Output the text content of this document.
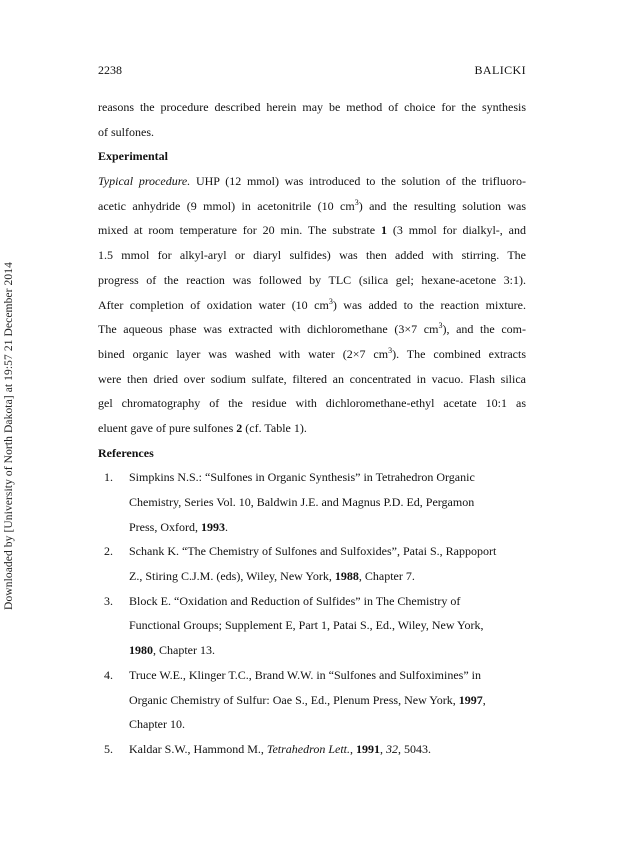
Downloaded by [University of North Dakota] at 19:57 21 December 2014
2238	BALICKI
reasons the procedure described herein may be method of choice for the synthesis
of sulfones.
Experimental
Typical procedure. UHP (12 mmol) was introduced to the solution of the trifluoro-
acetic anhydride (9 mmol) in acetonitrile (10 $cm^3$) and the resulting solution was
mixed at room temperature for 20 min. The substrate 1 (3 mmol for dialkyl-, and
1.5 mmol for alkyl-aryl or diaryl sulfides) was then added with stirring. The
progress of the reaction was followed by TLC (silica gel; hexane-acetone 3:1).
After completion of oxidation water (10 $cm^3$) was added to the reaction mixture.
The aqueous phase was extracted with dichloromethane (3×7 $cm^3$), and the com-
bined organic layer was washed with water (2×7 $cm^3$). The combined extracts
were then dried over sodium sulfate, filtered an concentrated in vacuo. Flash silica
gel chromatography of the residue with dichloromethane-ethyl acetate 10:1 as
eluent gave of pure sulfones 2 (cf. Table 1).
References
1.	Simpkins N.S.: “Sulfones in Organic Synthesis” in Tetrahedron Organic
Chemistry, Series Vol. 10, Baldwin J.E. and Magnus P.D. Ed, Pergamon
Press, Oxford, 1993.
2.	Schank K. “The Chemistry of Sulfones and Sulfoxides”, Patai S., Rappoport
Z., Stiring C.J.M. (eds), Wiley, New York, 1988, Chapter 7.
3.	Block E. “Oxidation and Reduction of Sulfides” in The Chemistry of
Functional Groups; Supplement E, Part 1, Patai S., Ed., Wiley, New York,
1980, Chapter 13.
4.	Truce W.E., Klinger T.C., Brand W.W. in “Sulfones and Sulfoximines” in
Organic Chemistry of Sulfur: Oae S., Ed., Plenum Press, New York, 1997,
Chapter 10.
5.	Kaldar S.W., Hammond M., Tetrahedron Lett., 1991, 32, 5043.
